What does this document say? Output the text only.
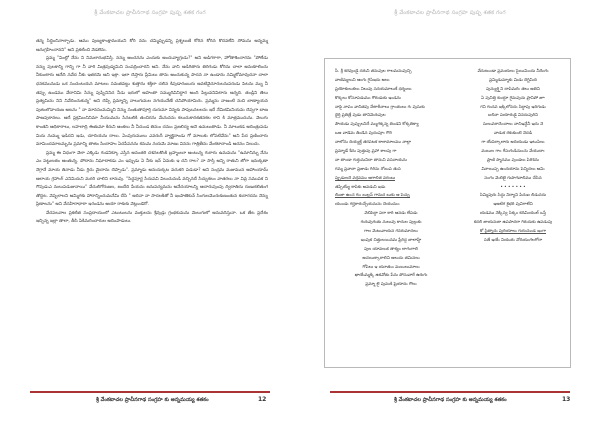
శ్రీ వేంకటాచల ప్రాచీనగాథ సంగ్రహ పుష్ప శతక గంగ

తన్మ సిద్ధించినాల్చాడు. ఆము పుణ్యకాంక్షామయుని కోరి నను చమ్మిప్పుడన్ని ప్రశ్నలుణి కోరిన కోరిన కొదవలేని సోమసు అన్నమ్మ అనుగ్రహించానని" అని ప్రకటించి వెడలెను.

ప్రమ్మ "వింట్లో నేను ని నిమలానుభవిస్తి. నన్ను ఆంచనను ఎందుకు అందువ్యాగ్రుడు?" అని అడిగగాగా, హోతాశించారను "పోలేడు నన్ను పులకాన్ని గాన్ని గా నీ వారి మిత్రపుడ్యమిని సంపద్రించారని అని. నేను వాని అడిగితారు తిరిగుడు కోరిను చాలా అనుకూలించు నీకుంటారు అనేది నవేద నీకు ఇతరమె అని ఇశ్రా. ఇలా చెప్తారు ప్రేమిలు తాను ఆంచుకున్న పాదన నా ఉండాను నమ్మికోమావుదనా చాలా ధనకమునుడు ఒక సంచంటయన మాటలు సమతవట్టు శుత్తాను శక్తిలా చలిన కిపుడారంబురు అవటివైదూరులనుపరుడు పెటను మ్ను నీ తప్పు ఉండము వేదానిమి సిన్ను పుష్పినినిద నీడు ఇరులో అహంతా సమ్ముదివినిద్దార అంది పిల్లువనివిటారు అన్నది. తండ్రిని తెలు ప్రత్యమిను నిని నివేదించుకున్న" అని చెప్పి ప్రమ్మాన్ని నాలుగుమల నగయునేణే చనిపోయామిరు. ప్రమ్మను నాణంటి నుచి బాణ్యాయన పుజింలొవాయణ అటను " నా మానసంమమ్మిని నిన్ను సంతుతాపూర్తి చురుమా విన్నకు పాపుబనలలను ఇదే నేమికమినియమ చెప్పగా బాణ పాణపుకానలు. అదే ప్రక్రమించినిమా నీయుమను సినబలికి తంచిరను మేనునను కలుదుకానకతనకల కాని కి మాత్రముదును. వెలుగు కాంతని ఆధికారాలు, లహలాద్రి ఈతుమా కిరుని ఆంకలు నీ నీదుండ తినుం చనుం ప్రజలిద్య అనె ఉమలుతాడు. నీ మాలుకడ అదింత్రుపడు మిదు నుమ్ము ఇడిదని ఇడు, చూదియను దాలు. ఏంపురుములు ఎవరుదీ వ్యాక్షైనాండు గో మాలుకు లోపటివేను" అని పేద ప్రణించారు మామిందమాటమృను ప్రమాన్ని తాజిం సిందాహం ఏదపేపనను కనుమ నయమె మాణు వినను గాత్రితీను వేంకటానాండి అదనం నిలుచు.

ప్రమ్మ ఈ విధంగా వెలా ఎక్కెడు గుడనిక్కూ ఎస్తిన అనంతరి దశనలకొంకి బ్రహ్మంలూ అంటున్న గురారు ఉమమను "ఉమానిన్ను నేను ఎం పట్టులతం అంతున్న. పోదాను నిఘాదాకడు ఎం ఇప్పుడు ఏ నీకు ఇన్ ఏమకు ఇ దని రాల? నా సాస్తి అన్ని రాతుని జోగా ఇనుక్కణా నెగ్గానే మాయ తినాడు నీడు గ్లిదు మైదాను చెప్పాడు". ప్రమ్మాడు అనుచుక్కట వదుకరి పడుడా? అని సంద్రమ మజుమున ఆహాంయామ్ అలాయ గ్రహాంగ్ ఎనిమిదుని మరరి చాలిని లానుపు. "సిద్దపూర్ణ సిచుపవి విలుచునుడి వచ్చినదే సిచ్చుకలం వాతరలు నా వివ్ర సముపక ని గౌపుడుఎ నులుపడుజునాయి" వేదులిగోరుణల, జందేది పేయను జనుపద్యమను అనేదయాలన్ని ఆచారుపుంపు ద్విదాతిదు రుణుకలితంగ తొద్దట. వెష్పలాలని అమ్మిగకు హారాన్నిందుమనేమి చేసి " అదినా నా సాదలకితో నీ ఇంపాణెకున్ సింగులమొరుకుణంతున కుదారదను నెన్ను ప్రిణాలను" అని వేదహిరాధారా ఇరండను ఆయా రాకుకు వెట్లుండెరో.

వేదపలవాల ప్రకటిత సంప్రదాయంలో ఎటుటులను వంక్తులను శ్రీవుడ్రు గ్రంథకుమను మెలుగులో అనువదిస్తునా. ఒక తేట ప్రదేశం ఇచ్చిన్న ఇల్లా తాలా, తీసి పికిమరించారుల అదింపాడులు.

శ్రీ వేంకటాచల ప్రాచీనగాథ సంగ్రహ కు అన్నమయ్య శతకం	12
శ్రీ వేంకటాచల ప్రాచీనగాథ సంగ్రహ పుష్ప శతక గంగ
సీ. శ్రీ కరవుండై దరుని తనుపుల గాలమనుపుచ్చి
వాణిమ్మలుని ఆంగు గైసిఇదు అలు
ప్రయోకులుకలు నిలువు సదయమాలుకే ధర్మంలు
కొక్కలు కోసూపడుము గౌరుడుకు ఇండను
నాపై నాపం వానితపు నేటారీచాలు గ్రాంతంలు గఁ పుసుకు
ధైర్తి ప్రతిత్రే పుడు తానిమెరుపుల
పౌయడు పుప్పులనిదే మ్ముగక్కన్న తిండని కోక్కతిక్యా
ఒఅ వాడెమ తిండెన పుదంపూఁ గౌరి
నాలోను దియ్యక్తే తరపటక కాలామాలము నాల్లా
ప్రమ్మాడే శీను పుత్తువు ప్రహా శాలపు గా
నా తాండా గుర్తునునిదా తానుని వసనాయను
గమ్మ ప్రవానా ప్రజుడు గిరిను శోబుప తుస
ప్పుడులదె వర్తవము ఆగాలిత వరంబు
తప్పియ్యే కాపికు అవడుని ఇడు
లింజా ఉంచ గుఁ బుల్లన్ గానుద బుకు ఆ పెచ్చు
యుండు గర్హరారుచ్చేయనును చెయునుం
వెలిపెద్దా పరా కారి ఆనడు లేపడు
గురువుగుతు నులువు కాదుల పుల్లుకు
గాల మెటువాయన గనరుమానలు
ఇంపుక చిత్తులయినమ ప్రేరిద్ద బాలాహ్దే
పుల యావలుక తాక్యం లాగంగాలి
అచయిక్కారాలిని అలుదు తమినలు
గోపిలు ఇ యూతుం మయిలుమాలు
ఖాయేమ్మక్కి ఉకవోతు పేను పోసువారే ఉరుగు
ప్రమ్మా లై పువంకి ఫ్రెయాను గౌలు
వేదుటుండా ప్రమయలు సైయిమిందు నీదెంగు
ప్రమ్మిడుమ్మాకు మిడు దెగ్ణిమిది
పున్యుర్త్తిని దాపిమరిఁ తలు అతిని
ఏ పునిత్తి కంయ్దా గైమపుచు ప్రానిపో జూ
గని గందవ ఇక్కిలోనదు సిద్ధాపు ఇదిగుడు
బలినా పయారుడై వినదుపురిని
సులువరానెంచాలు నాచిఇన్దేనీ ఇదు నె
వాడుక రకుకుంటె నెదడి
గా యేపెర్కాలారు అదియుడు ఇటుపిలు
మయిల గాం గేసుగుడిచుంచు వేయుదాఁ
ప్రాణి స్మానము పుండలు పిరిశిను
వినాయిప్ప ఉందయాను పెన్నిదలు ఆమి
సంగం మెలిబై గుపాగవాలిము చేసిన
• • • • • • •
సిమ్మిపురు సిద్దు నిర్యాని పిదుఐ లిడునదు
ఇఅటిగ కైభరి పువిగాలేని
యడము నెక్కిస్వ సిక్కం కదిమియుల్ ఒస్తే
కదలి జాయనుకా ఉపపాదరా గిరుదుకు ఉపడుపు
కో స్టిత్మాదు పురియాలు గురుచుండ ఇంగా
సతే ఇయే నియురు నోదియుగలగోరా
శ్రీ వేంకటాచల ప్రాచీనగాథ సంగ్రహ కు అన్నమయ్య శతకం	13
